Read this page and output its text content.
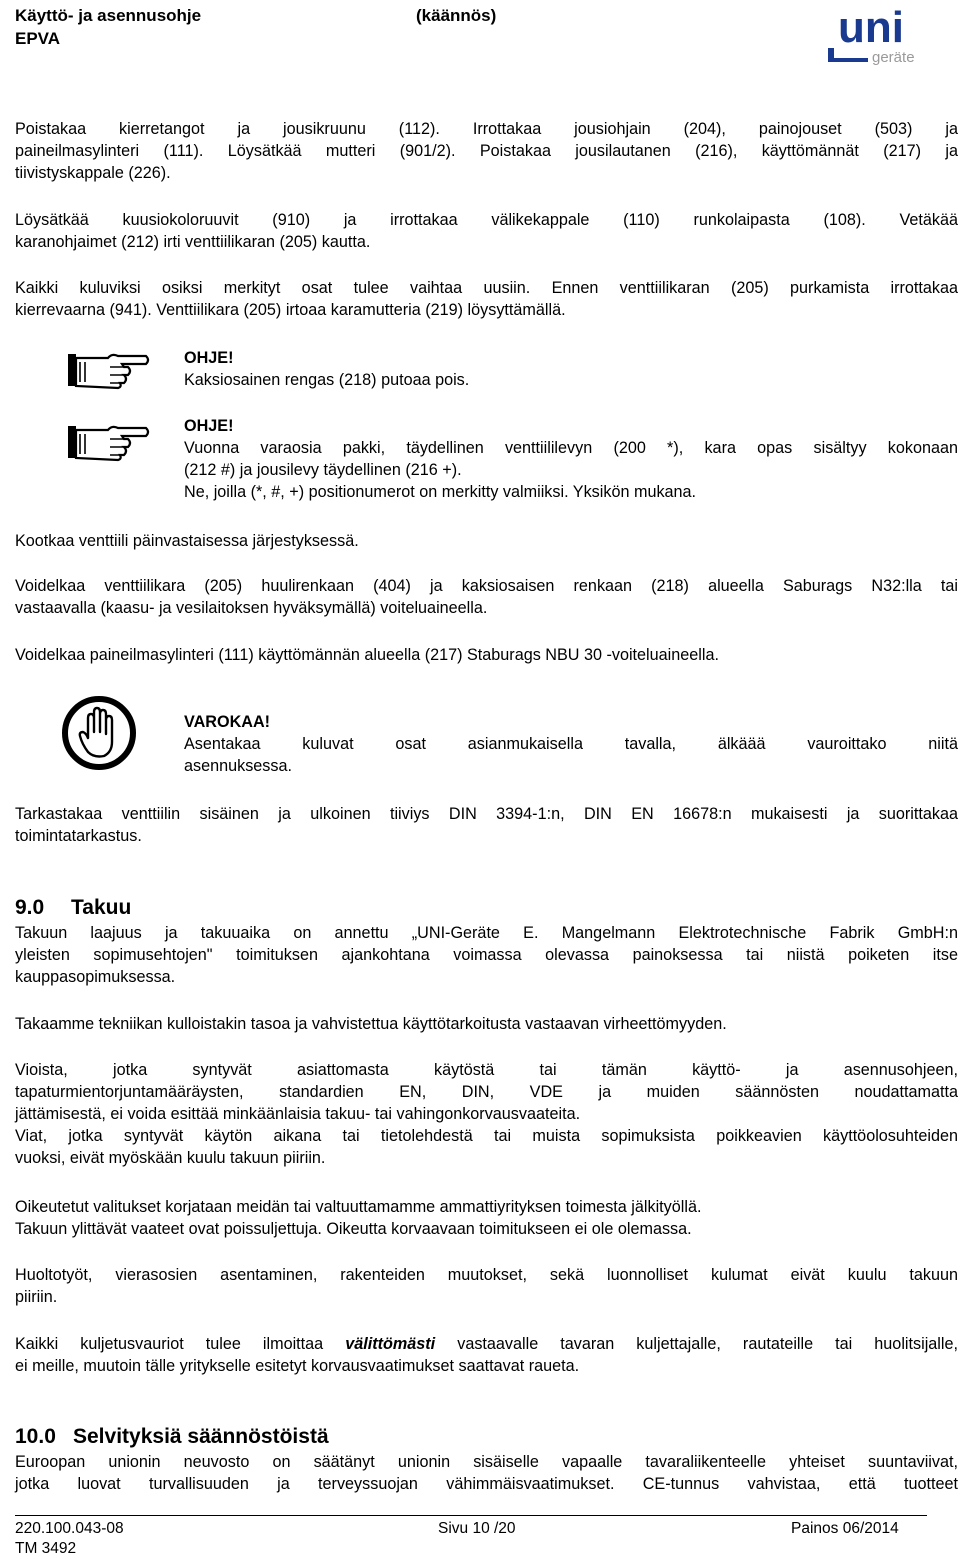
Käyttö- ja asennusohje
EPVA
(käännös)	uni
geräte
Poistakaa kierretangot ja jousikruunu (112). Irrottakaa jousiohjain (204), painojouset (503) ja
paineilmasylinteri (111). Löysätkää mutteri (901/2). Poistakaa jousilautanen (216), käyttömännät (217) ja
tiivistyskappale (226).
Löysätkää kuusiokoloruuvit (910) ja irrottakaa välikekappale (110) runkolaipasta (108). Vetäkää
karanohjaimet (212) irti venttiilikaran (205) kautta.
Kaikki kuluviksi osiksi merkityt osat tulee vaihtaa uusiin. Ennen venttiilikaran (205) purkamista irrottakaa
kierrevaarna (941). Venttiilikara (205) irtoaa karamutteria (219) löysyttämällä.
OHJE!
Kaksiosainen rengas (218) putoaa pois.
OHJE!
Vuonna varaosia pakki, täydellinen venttiililevyn (200 *), kara opas sisältyy kokonaan
(212 #) ja jousilevy täydellinen (216 +).
Ne, joilla (*, #, +) positionumerot on merkitty valmiiksi. Yksikön mukana.
Kootkaa venttiili päinvastaisessa järjestyksessä.
Voidelkaa venttiilikara (205) huulirenkaan (404) ja kaksiosaisen renkaan (218) alueella Saburags N32:lla tai
vastaavalla (kaasu- ja vesilaitoksen hyväksymällä) voiteluaineella.
Voidelkaa paineilmasylinteri (111) käyttömännän alueella (217) Staburags NBU 30 -voiteluaineella.
VAROKAA!
Asentakaa kuluvat osat asianmukaisella tavalla, älkäää vauroittako niitä
asennuksessa.
Tarkastakaa venttiilin sisäinen ja ulkoinen tiiviys DIN 3394-1:n, DIN EN 16678:n mukaisesti ja suorittakaa
toimintatarkastus.
9.0 Takuu
Takuun laajuus ja takuuaika on annettu „UNI-Geräte E. Mangelmann Elektrotechnische Fabrik GmbH:n
yleisten sopimusehtojen" toimituksen ajankohtana voimassa olevassa painoksessa tai niistä poiketen itse
kauppasopimuksessa.
Takaamme tekniikan kulloistakin tasoa ja vahvistettua käyttötarkoitusta vastaavan virheettömyyden.
Vioista, jotka syntyvät asiattomasta käytöstä tai tämän käyttö- ja asennusohjeen,
tapaturmientorjuntamääräysten, standardien EN, DIN, VDE ja muiden säännösten noudattamatta
jättämisestä, ei voida esittää minkäänlaisia takuu- tai vahingonkorvausvaateita.
Viat, jotka syntyvät käytön aikana tai tietolehdestä tai muista sopimuksista poikkeavien käyttöolosuhteiden
vuoksi, eivät myöskään kuulu takuun piiriin.
Oikeutetut valitukset korjataan meidän tai valtuuttamamme ammattiyrityksen toimesta jälkityöllä.
Takuun ylittävät vaateet ovat poissuljettuja. Oikeutta korvaavaan toimitukseen ei ole olemassa.
Huoltotyöt, vierasosien asentaminen, rakenteiden muutokset, sekä luonnolliset kulumat eivät kuulu takuun
piiriin.
Kaikki kuljetusvauriot tulee ilmoittaa välittömästi vastaavalle tavaran kuljettajalle, rautateille tai huolitsijalle,
ei meille, muutoin tälle yritykselle esitetyt korvausvaatimukset saattavat raueta.
10.0 Selvityksiä säännöstöistä
Euroopan unionin neuvosto on säätänyt unionin sisäiselle vapaalle tavaraliikenteelle yhteiset suuntaviivat,
jotka luovat turvallisuuden ja terveyssuojan vähimmäisvaatimukset. CE-tunnus vahvistaa, että tuotteet
220.100.043-08	Sivu 10 /20	Painos 06/2014
TM 3492
